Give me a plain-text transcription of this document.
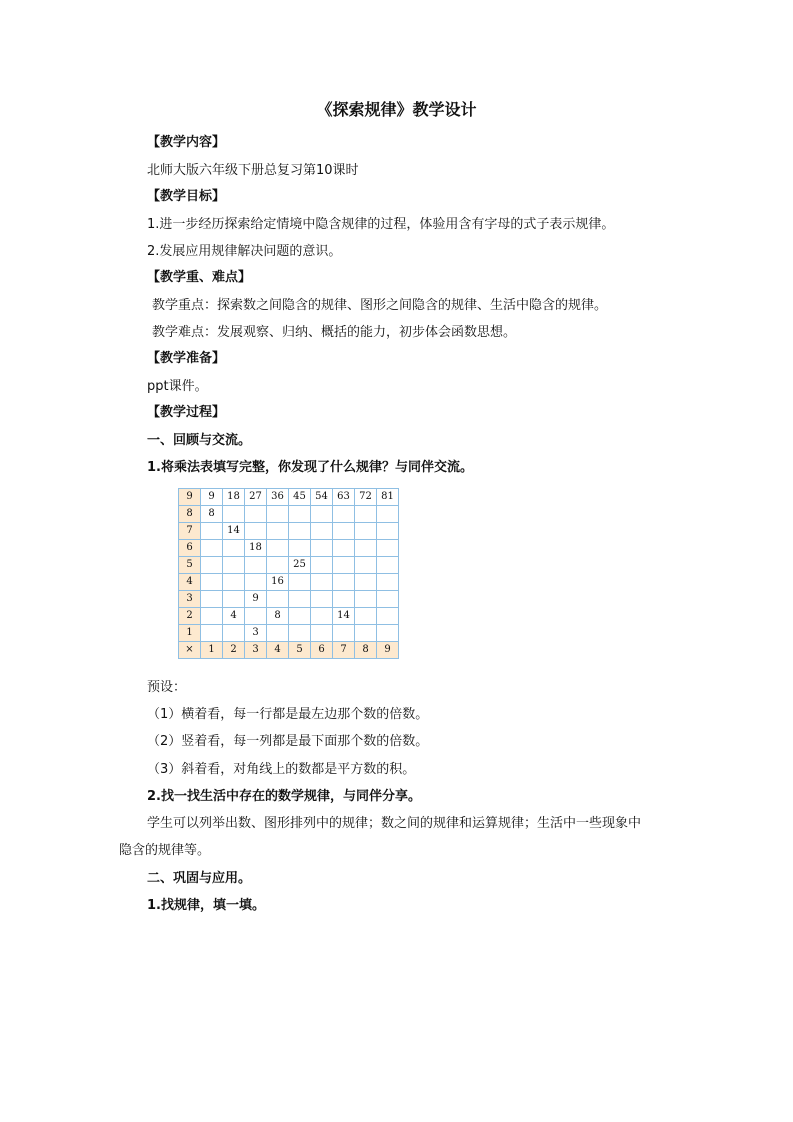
《探索规律》教学设计
【教学内容】
北师大版六年级下册总复习第10课时
【教学目标】
1.进一步经历探索给定情境中隐含规律的过程，体验用含有字母的式子表示规律。
2.发展应用规律解决问题的意识。
【教学重、难点】
教学重点：探索数之间隐含的规律、图形之间隐含的规律、生活中隐含的规律。
教学难点：发展观察、归纳、概括的能力，初步体会函数思想。
【教学准备】
ppt课件。
【教学过程】
一、回顾与交流。
1.将乘法表填写完整，你发现了什么规律？与同伴交流。
9	9	18	27	36	45	54	63	72	81
8	8								
7		14							
6			18						
5					25				
4				16					
3			9						
2		4		8			14		
1			3						
×	1	2	3	4	5	6	7	8	9
预设：
（1）横着看，每一行都是最左边那个数的倍数。
（2）竖着看，每一列都是最下面那个数的倍数。
（3）斜着看，对角线上的数都是平方数的积。
2.找一找生活中存在的数学规律，与同伴分享。
学生可以列举出数、图形排列中的规律；数之间的规律和运算规律；生活中一些现象中
隐含的规律等。
二、巩固与应用。
1.找规律，填一填。
